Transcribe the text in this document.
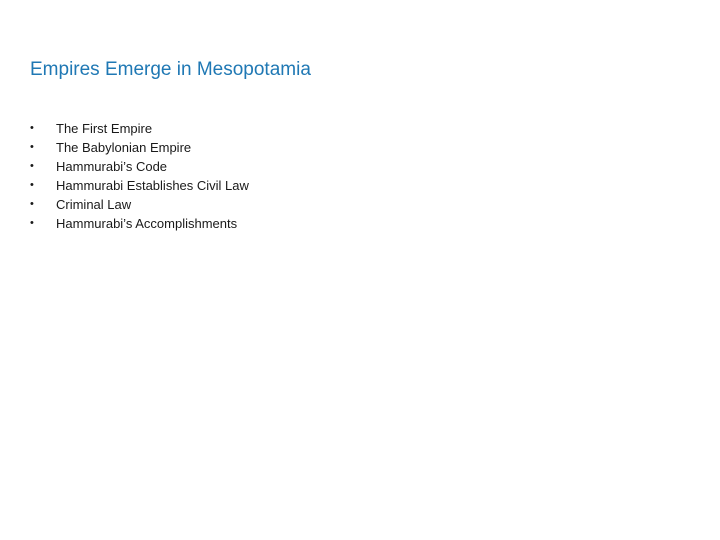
Empires Emerge in Mesopotamia
•	The First Empire
•	The Babylonian Empire
•	Hammurabi’s Code
•	Hammurabi Establishes Civil Law
•	Criminal Law
•	Hammurabi’s Accomplishments
